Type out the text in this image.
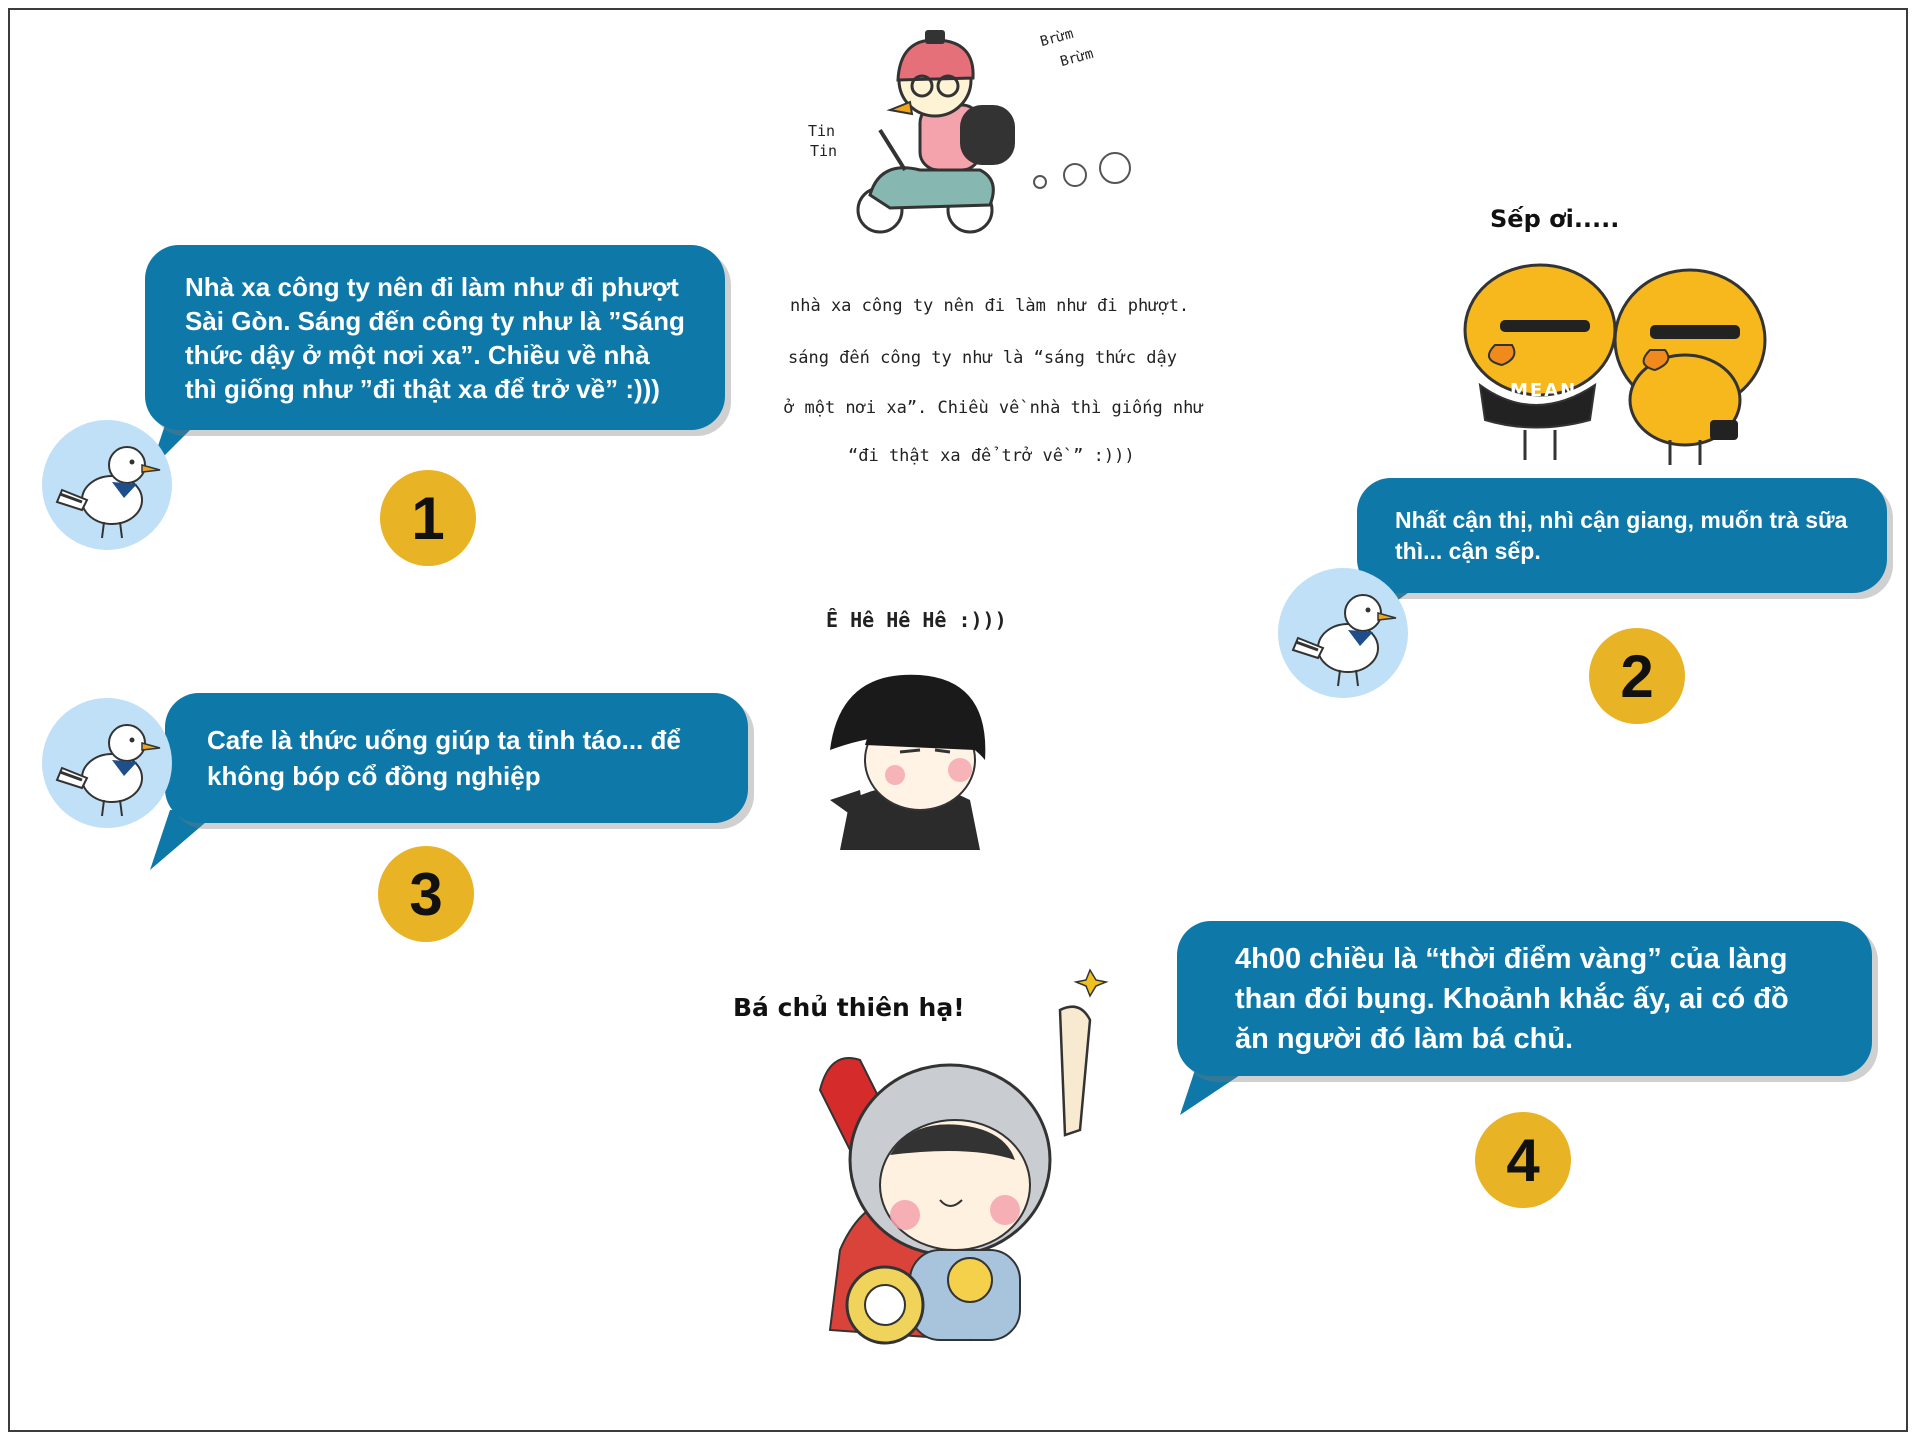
Tin
Tin
Brừm
Brừm
nhà xa công ty nên đi làm như đi phượt.
sáng đến công ty như là “sáng thức dậy
ở một nơi xa”. Chiều về nhà thì giống như
“đi thật xa để trở về ” :)))
Nhà xa công ty nên đi làm như đi phượt Sài Gòn. Sáng đến công ty như là ”Sáng thức dậy ở một nơi xa”. Chiều về nhà thì giống như ”đi thật xa để trở về” :)))
1
Sếp ơi.....
MEAN
Nhất cận thị, nhì cận giang, muốn trà sữa thì... cận sếp.
2
Ê Hê Hê Hê :)))
Cafe là thức uống giúp ta tỉnh táo... để không bóp cổ đồng nghiệp
3
Bá chủ thiên hạ!
4h00 chiều là “thời điểm vàng” của làng than đói bụng. Khoảnh khắc ấy, ai có đồ ăn người đó làm bá chủ.
4
